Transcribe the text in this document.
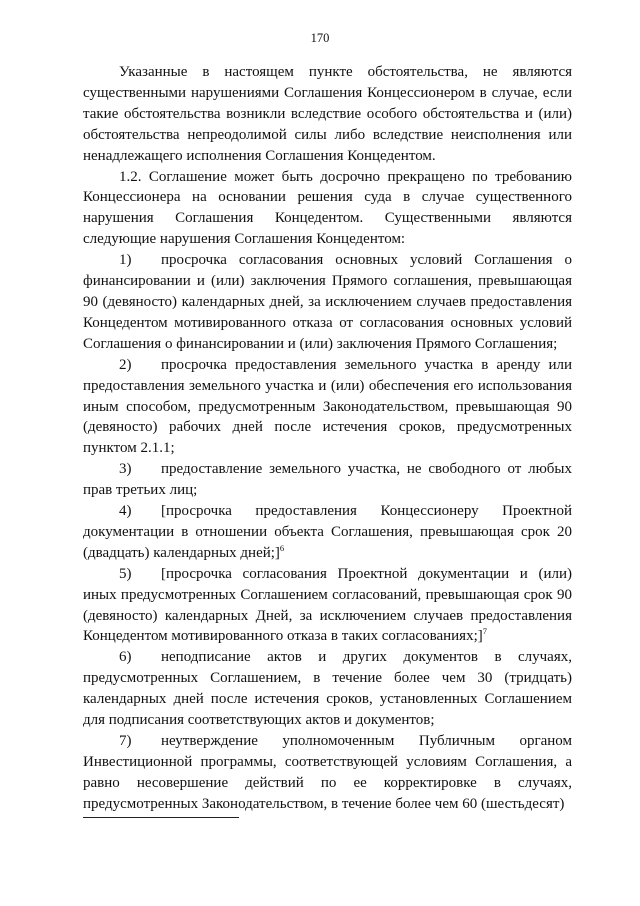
170

Указанные в настоящем пункте обстоятельства, не являются существенными нарушениями Соглашения Концессионером в случае, если такие обстоятельства возникли вследствие особого обстоятельства и (или) обстоятельства непреодолимой силы либо вследствие неисполнения или ненадлежащего исполнения Соглашения Концедентом.

1.2. Соглашение может быть досрочно прекращено по требованию Концессионера на основании решения суда в случае существенного нарушения Соглашения Концедентом. Существенными являются следующие нарушения Соглашения Концедентом:

1) просрочка согласования основных условий Соглашения о финансировании и (или) заключения Прямого соглашения, превышающая 90 (девяносто) календарных дней, за исключением случаев предоставления Концедентом мотивированного отказа от согласования основных условий Соглашения о финансировании и (или) заключения Прямого Соглашения;

2) просрочка предоставления земельного участка в аренду или предоставления земельного участка и (или) обеспечения его использования иным способом, предусмотренным Законодательством, превышающая 90 (девяносто) рабочих дней после истечения сроков, предусмотренных пунктом 2.1.1;

3) предоставление земельного участка, не свободного от любых прав третьих лиц;

4) [просрочка предоставления Концессионеру Проектной документации в отношении объекта Соглашения, превышающая срок 20 (двадцать) календарных дней;]$^6$

5) [просрочка согласования Проектной документации и (или) иных предусмотренных Соглашением согласований, превышающая срок 90 (девяносто) календарных Дней, за исключением случаев предоставления Концедентом мотивированного отказа в таких согласованиях;]$^7$

6) неподписание актов и других документов в случаях, предусмотренных Соглашением, в течение более чем 30 (тридцать) календарных дней после истечения сроков, установленных Соглашением для подписания соответствующих актов и документов;

7) неутверждение уполномоченным Публичным органом Инвестиционной программы, соответствующей условиям Соглашения, а равно несовершение действий по ее корректировке в случаях, предусмотренных Законодательством, в течение более чем 60 (шестьдесят)
